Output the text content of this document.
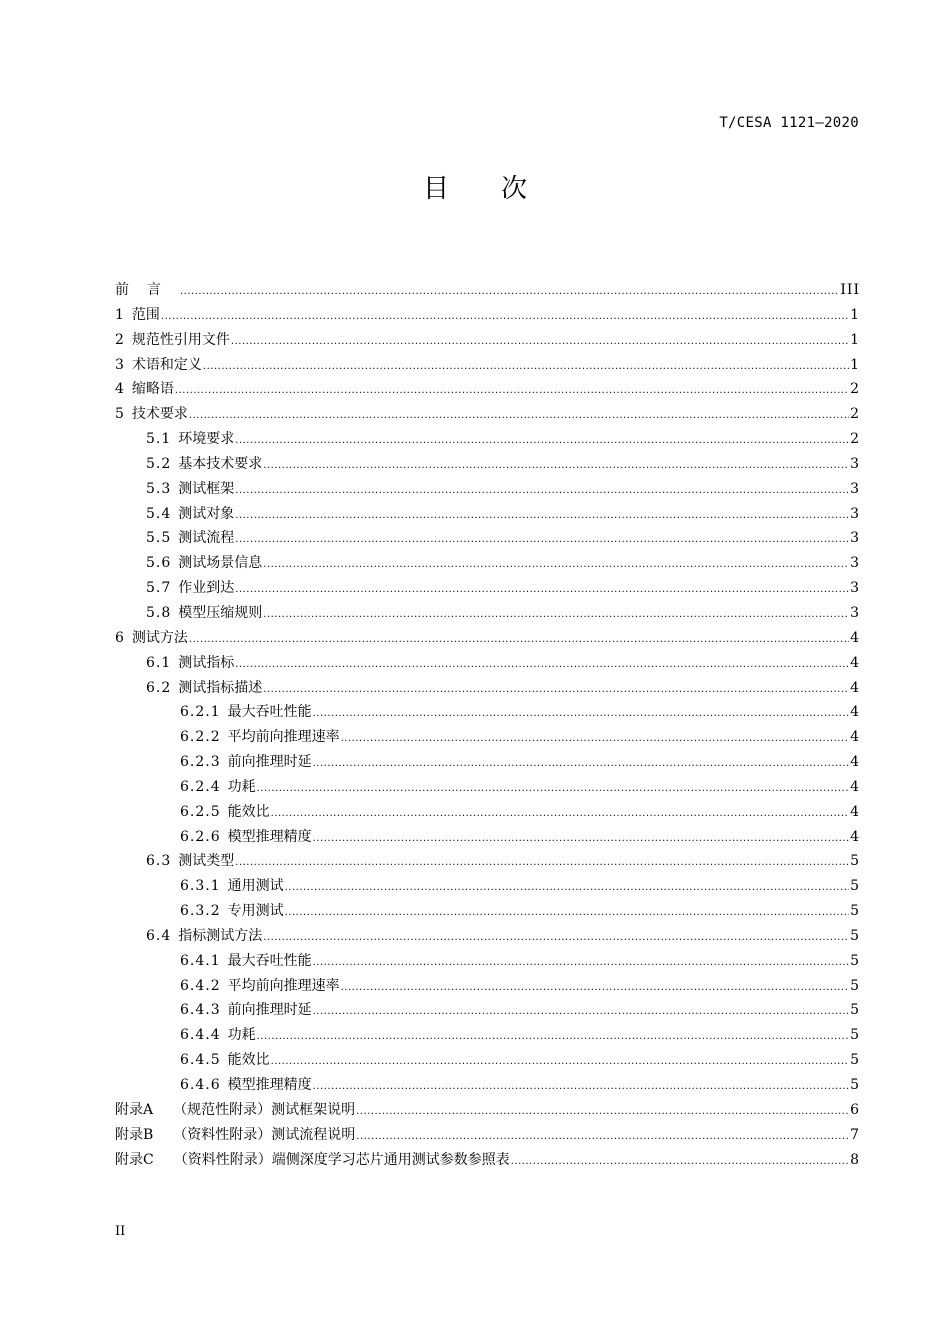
T/CESA 1121—2020
目 次
前言 .....	III
1 范围 .....	1
2 规范性引用文件 .....	1
3 术语和定义 .....	1
4 缩略语 .....	2
5 技术要求 .....	2
5.1 环境要求 .....	2
5.2 基本技术要求 .....	3
5.3 测试框架 .....	3
5.4 测试对象 .....	3
5.5 测试流程 .....	3
5.6 测试场景信息 .....	3
5.7 作业到达 .....	3
5.8 模型压缩规则 .....	3
6 测试方法 .....	4
6.1 测试指标 .....	4
6.2 测试指标描述 .....	4
6.2.1 最大吞吐性能 .....	4
6.2.2 平均前向推理速率 .....	4
6.2.3 前向推理时延 .....	4
6.2.4 功耗 .....	4
6.2.5 能效比 .....	4
6.2.6 模型推理精度 .....	4
6.3 测试类型 .....	5
6.3.1 通用测试 .....	5
6.3.2 专用测试 .....	5
6.4 指标测试方法 .....	5
6.4.1 最大吞吐性能 .....	5
6.4.2 平均前向推理速率 .....	5
6.4.3 前向推理时延 .....	5
6.4.4 功耗 .....	5
6.4.5 能效比 .....	5
6.4.6 模型推理精度 .....	5
附录A （规范性附录）测试框架说明 .....	6
附录B （资料性附录）测试流程说明 .....	7
附录C （资料性附录）端侧深度学习芯片通用测试参数参照表 .....	8
II
